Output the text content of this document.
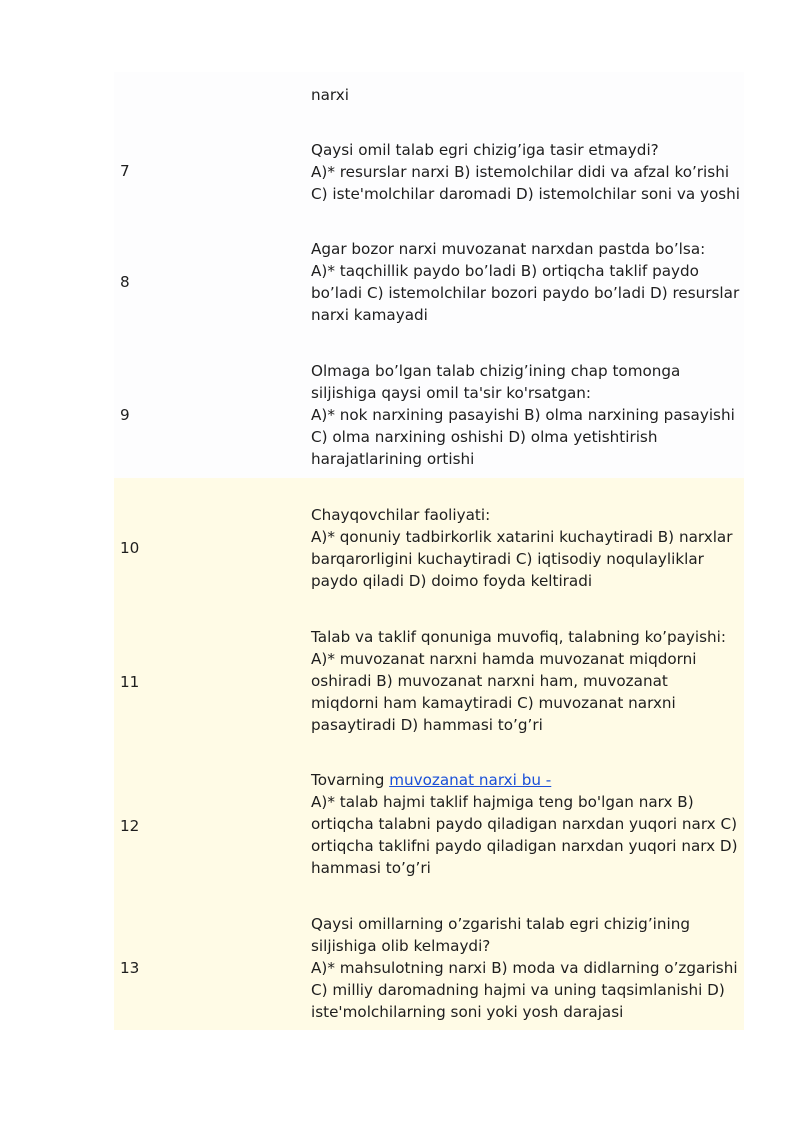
narxi
7
Qaysi omil talab egri chizig’iga tasir etmaydi?
A)* resurslar narxi B) istemolchilar didi va afzal ko’rishi
C) iste'molchilar daromadi D) istemolchilar soni va yoshi
8
Agar bozor narxi muvozanat narxdan pastda bo’lsa:
A)* taqchillik paydo bo’ladi B) ortiqcha taklif paydo
bo’ladi C) istemolchilar bozori paydo bo’ladi D) resurslar
narxi kamayadi
9
Olmaga bo’lgan talab chizig’ining chap tomonga
siljishiga qaysi omil ta'sir ko'rsatgan:
A)* nok narxining pasayishi B) olma narxining pasayishi
C) olma narxining oshishi D) olma yetishtirish
harajatlarining ortishi
10
Chayqovchilar faoliyati:
A)* qonuniy tadbirkorlik xatarini kuchaytiradi B) narxlar
barqarorligini kuchaytiradi C) iqtisodiy noqulayliklar
paydo qiladi D) doimo foyda keltiradi
11
Talab va taklif qonuniga muvofiq, talabning ko’payishi:
A)* muvozanat narxni hamda muvozanat miqdorni
oshiradi B) muvozanat narxni ham, muvozanat
miqdorni ham kamaytiradi C) muvozanat narxni
pasaytiradi D) hammasi to’g’ri
12
Tovarning muvozanat narxi bu -
A)* talab hajmi taklif hajmiga teng bo'lgan narx B)
ortiqcha talabni paydo qiladigan narxdan yuqori narx C)
ortiqcha taklifni paydo qiladigan narxdan yuqori narx D)
hammasi to’g’ri
13
Qaysi omillarning o’zgarishi talab egri chizig’ining
siljishiga olib kelmaydi?
A)* mahsulotning narxi B) moda va didlarning o’zgarishi
C) milliy daromadning hajmi va uning taqsimlanishi D)
iste'molchilarning soni yoki yosh darajasi
